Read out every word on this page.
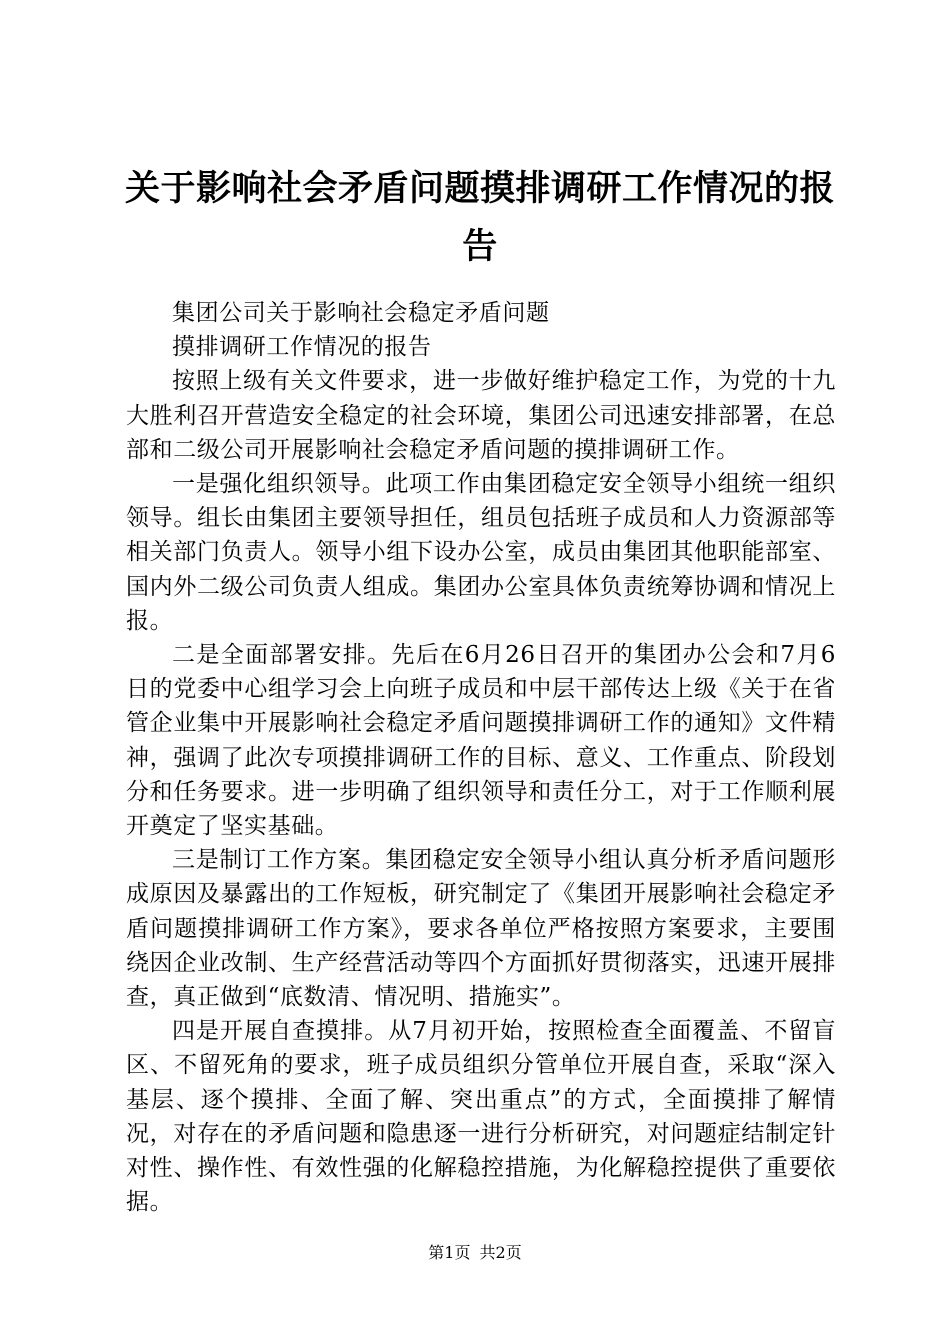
关于影响社会矛盾问题摸排调研工作情况的报告

集团公司关于影响社会稳定矛盾问题

摸排调研工作情况的报告

按照上级有关文件要求，进一步做好维护稳定工作，为党的十九大胜利召开营造安全稳定的社会环境，集团公司迅速安排部署，在总部和二级公司开展影响社会稳定矛盾问题的摸排调研工作。

一是强化组织领导。此项工作由集团稳定安全领导小组统一组织领导。组长由集团主要领导担任，组员包括班子成员和人力资源部等相关部门负责人。领导小组下设办公室，成员由集团其他职能部室、国内外二级公司负责人组成。集团办公室具体负责统筹协调和情况上报。

二是全面部署安排。先后在6月26日召开的集团办公会和7月6日的党委中心组学习会上向班子成员和中层干部传达上级《关于在省管企业集中开展影响社会稳定矛盾问题摸排调研工作的通知》文件精神，强调了此次专项摸排调研工作的目标、意义、工作重点、阶段划分和任务要求。进一步明确了组织领导和责任分工，对于工作顺利展开奠定了坚实基础。

三是制订工作方案。集团稳定安全领导小组认真分析矛盾问题形成原因及暴露出的工作短板，研究制定了《集团开展影响社会稳定矛盾问题摸排调研工作方案》，要求各单位严格按照方案要求，主要围绕因企业改制、生产经营活动等四个方面抓好贯彻落实，迅速开展排查，真正做到“底数清、情况明、措施实”。

四是开展自查摸排。从7月初开始，按照检查全面覆盖、不留盲区、不留死角的要求，班子成员组织分管单位开展自查，采取“深入基层、逐个摸排、全面了解、突出重点”的方式，全面摸排了解情况，对存在的矛盾问题和隐患逐一进行分析研究，对问题症结制定针对性、操作性、有效性强的化解稳控措施，为化解稳控提供了重要依据。

第1页 共2页
